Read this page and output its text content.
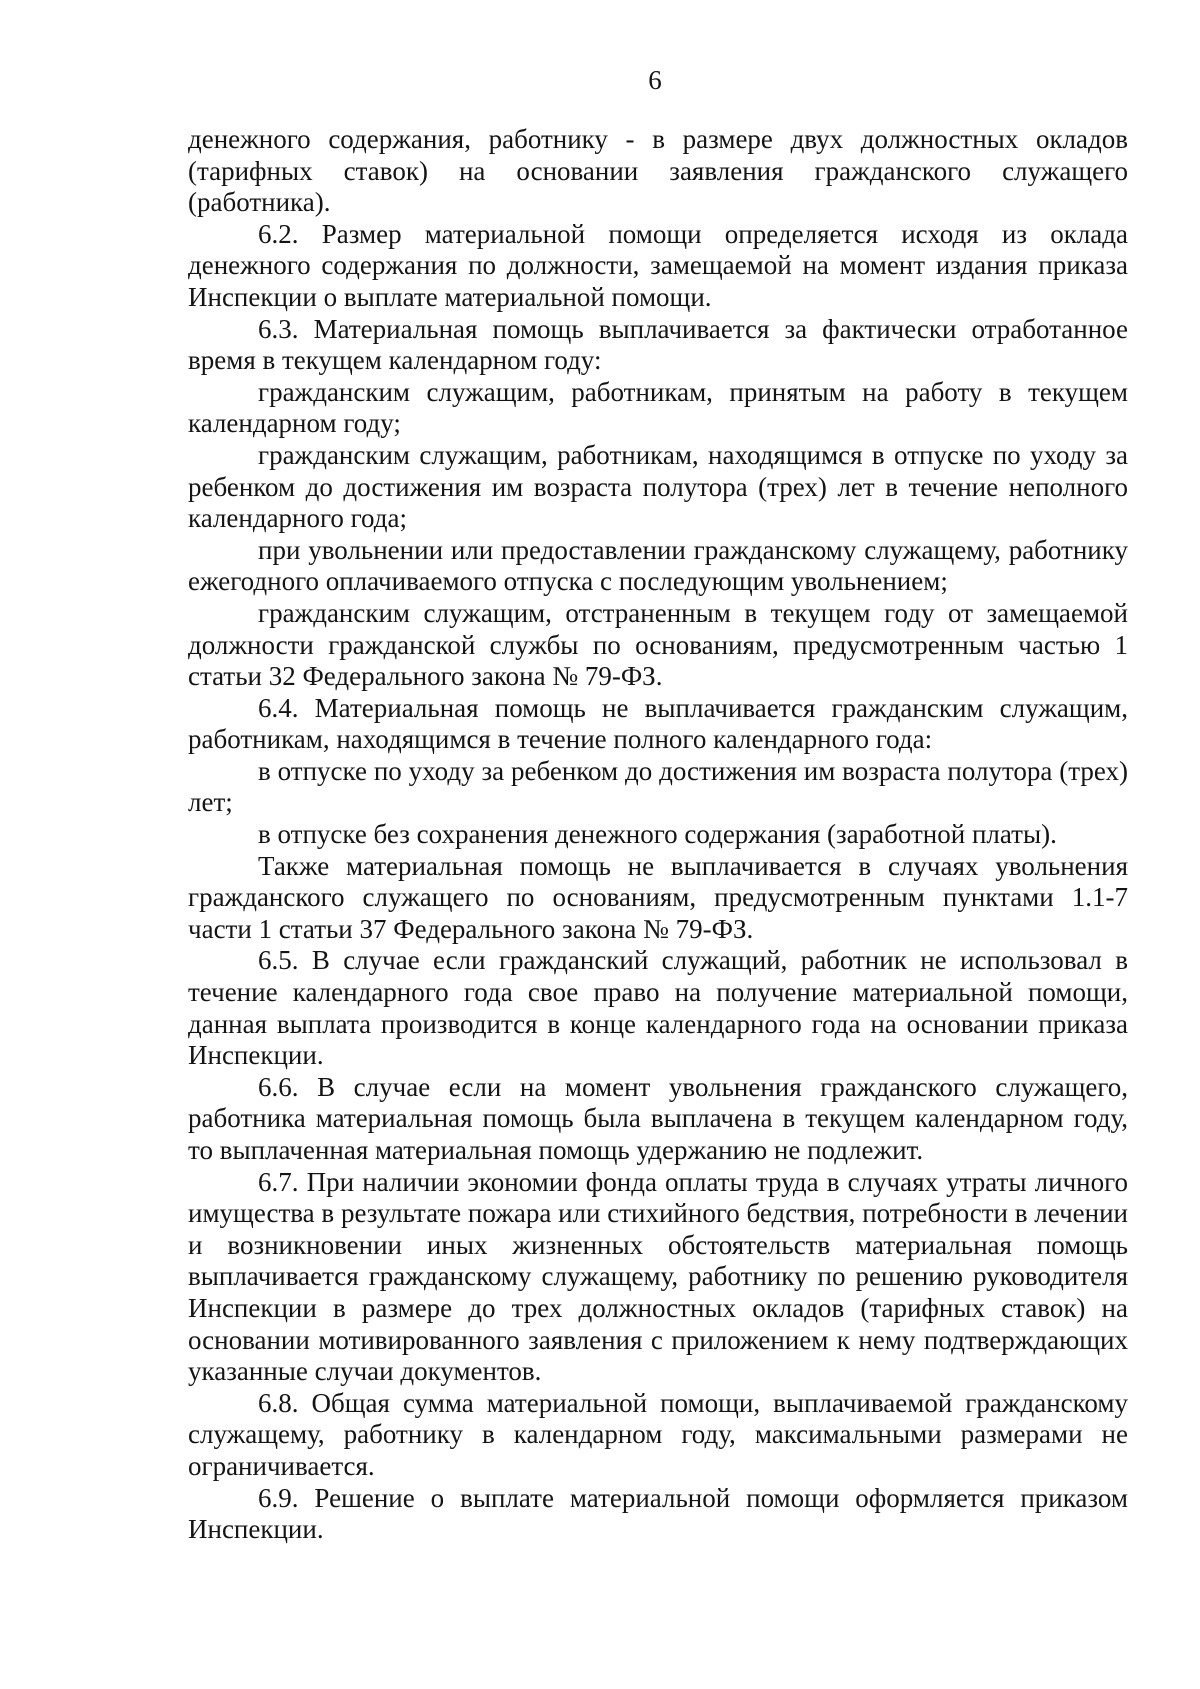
6

денежного содержания, работнику - в размере двух должностных окладов (тарифных ставок) на основании заявления гражданского служащего (работника).

6.2. Размер материальной помощи определяется исходя из оклада денежного содержания по должности, замещаемой на момент издания приказа Инспекции о выплате материальной помощи.

6.3. Материальная помощь выплачивается за фактически отработанное время в текущем календарном году:

гражданским служащим, работникам, принятым на работу в текущем календарном году;

гражданским служащим, работникам, находящимся в отпуске по уходу за ребенком до достижения им возраста полутора (трех) лет в течение неполного календарного года;

при увольнении или предоставлении гражданскому служащему, работнику ежегодного оплачиваемого отпуска с последующим увольнением;

гражданским служащим, отстраненным в текущем году от замещаемой должности гражданской службы по основаниям, предусмотренным частью 1 статьи 32 Федерального закона № 79-ФЗ.

6.4. Материальная помощь не выплачивается гражданским служащим, работникам, находящимся в течение полного календарного года:

в отпуске по уходу за ребенком до достижения им возраста полутора (трех) лет;

в отпуске без сохранения денежного содержания (заработной платы).

Также материальная помощь не выплачивается в случаях увольнения гражданского служащего по основаниям, предусмотренным пунктами 1.1-7 части 1 статьи 37 Федерального закона № 79-ФЗ.

6.5. В случае если гражданский служащий, работник не использовал в течение календарного года свое право на получение материальной помощи, данная выплата производится в конце календарного года на основании приказа Инспекции.

6.6. В случае если на момент увольнения гражданского служащего, работника материальная помощь была выплачена в текущем календарном году, то выплаченная материальная помощь удержанию не подлежит.

6.7. При наличии экономии фонда оплаты труда в случаях утраты личного имущества в результате пожара или стихийного бедствия, потребности в лечении и возникновении иных жизненных обстоятельств материальная помощь выплачивается гражданскому служащему, работнику по решению руководителя Инспекции в размере до трех должностных окладов (тарифных ставок) на основании мотивированного заявления с приложением к нему подтверждающих указанные случаи документов.

6.8. Общая сумма материальной помощи, выплачиваемой гражданскому служащему, работнику в календарном году, максимальными размерами не ограничивается.

6.9. Решение о выплате материальной помощи оформляется приказом Инспекции.
